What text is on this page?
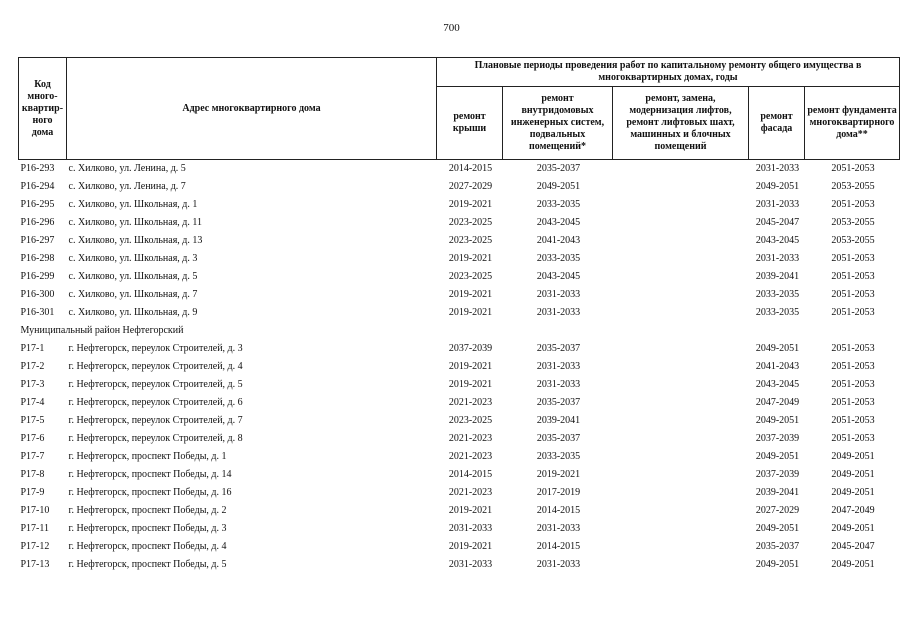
700
Код много-квартир-ного дома	Адрес многоквартирного дома	Плановые периоды проведения работ по капитальному ремонту общего имущества в многоквартирных домах, годы				
		ремонт крыши	ремонт внутридомовых инженерных систем, подвальных помещений*	ремонт, замена, модернизация лифтов, ремонт лифтовых шахт, машинных и блочных помещений	ремонт фасада	ремонт фундамента многоквартирного дома**
Р16-293	с. Хилково, ул. Ленина, д. 5	2014-2015	2035-2037		2031-2033	2051-2053
Р16-294	с. Хилково, ул. Ленина, д. 7	2027-2029	2049-2051		2049-2051	2053-2055
Р16-295	с. Хилково, ул. Школьная, д. 1	2019-2021	2033-2035		2031-2033	2051-2053
Р16-296	с. Хилково, ул. Школьная, д. 11	2023-2025	2043-2045		2045-2047	2053-2055
Р16-297	с. Хилково, ул. Школьная, д. 13	2023-2025	2041-2043		2043-2045	2053-2055
Р16-298	с. Хилково, ул. Школьная, д. 3	2019-2021	2033-2035		2031-2033	2051-2053
Р16-299	с. Хилково, ул. Школьная, д. 5	2023-2025	2043-2045		2039-2041	2051-2053
Р16-300	с. Хилково, ул. Школьная, д. 7	2019-2021	2031-2033		2033-2035	2051-2053
Р16-301	с. Хилково, ул. Школьная, д. 9	2019-2021	2031-2033		2033-2035	2051-2053
Муниципальный район Нефтегорский						
Р17-1	г. Нефтегорск, переулок Строителей, д. 3	2037-2039	2035-2037		2049-2051	2051-2053
Р17-2	г. Нефтегорск, переулок Строителей, д. 4	2019-2021	2031-2033		2041-2043	2051-2053
Р17-3	г. Нефтегорск, переулок Строителей, д. 5	2019-2021	2031-2033		2043-2045	2051-2053
Р17-4	г. Нефтегорск, переулок Строителей, д. 6	2021-2023	2035-2037		2047-2049	2051-2053
Р17-5	г. Нефтегорск, переулок Строителей, д. 7	2023-2025	2039-2041		2049-2051	2051-2053
Р17-6	г. Нефтегорск, переулок Строителей, д. 8	2021-2023	2035-2037		2037-2039	2051-2053
Р17-7	г. Нефтегорск, проспект Победы, д. 1	2021-2023	2033-2035		2049-2051	2049-2051
Р17-8	г. Нефтегорск, проспект Победы, д. 14	2014-2015	2019-2021		2037-2039	2049-2051
Р17-9	г. Нефтегорск, проспект Победы, д. 16	2021-2023	2017-2019		2039-2041	2049-2051
Р17-10	г. Нефтегорск, проспект Победы, д. 2	2019-2021	2014-2015		2027-2029	2047-2049
Р17-11	г. Нефтегорск, проспект Победы, д. 3	2031-2033	2031-2033		2049-2051	2049-2051
Р17-12	г. Нефтегорск, проспект Победы, д. 4	2019-2021	2014-2015		2035-2037	2045-2047
Р17-13	г. Нефтегорск, проспект Победы, д. 5	2031-2033	2031-2033		2049-2051	2049-2051
